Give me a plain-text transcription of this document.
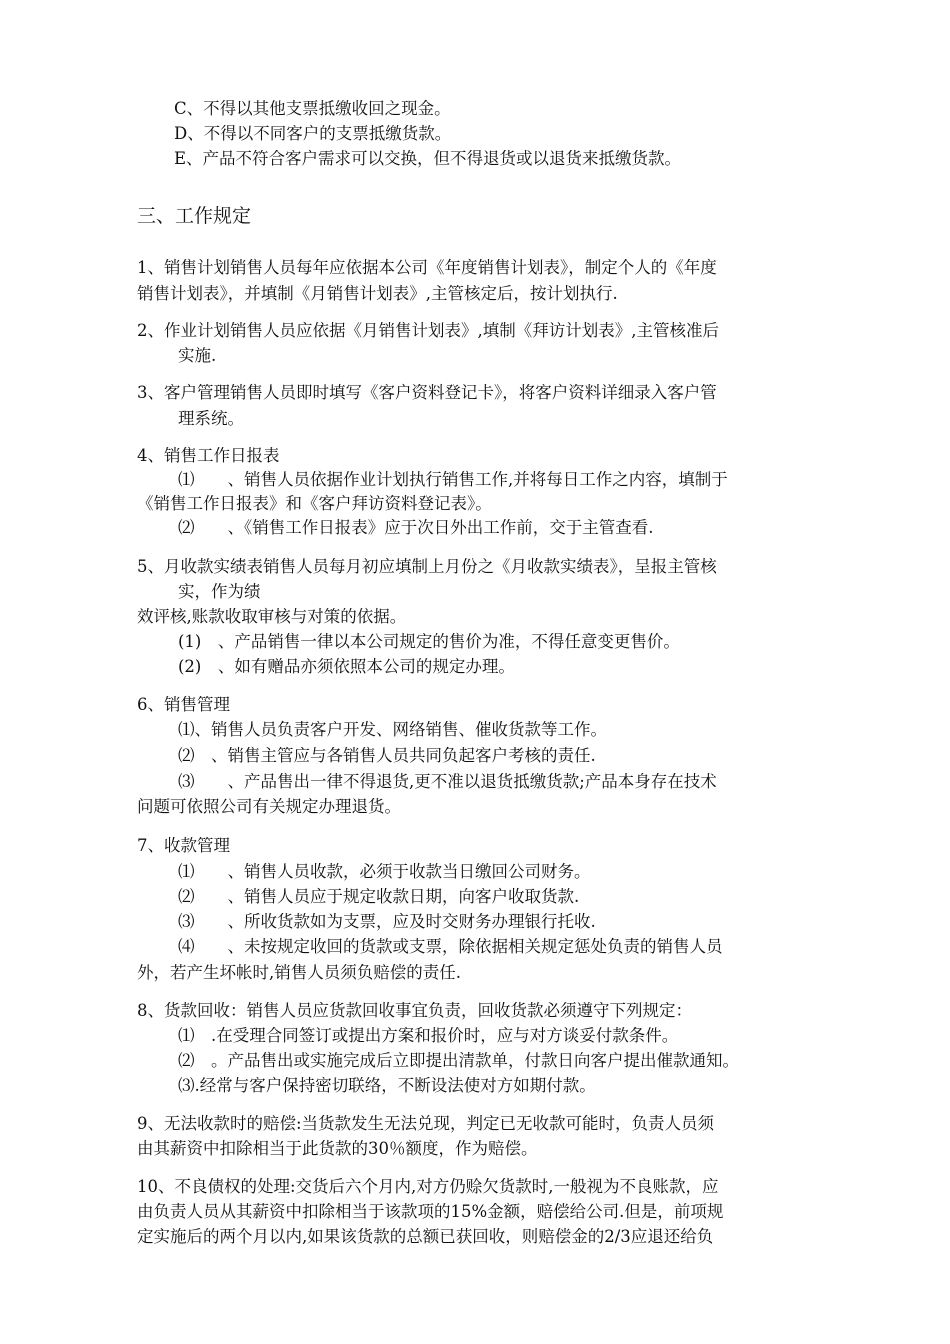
C、不得以其他支票抵缴收回之现金。
D、不得以不同客户的支票抵缴货款。
E、产品不符合客户需求可以交换，但不得退货或以退货来抵缴货款。
三、工作规定
1、销售计划销售人员每年应依据本公司《年度销售计划表》，制定个人的《年度
销售计划表》，并填制《月销售计划表》,主管核定后，按计划执行.
2、作业计划销售人员应依据《月销售计划表》,填制《拜访计划表》,主管核准后
实施.
3、客户管理销售人员即时填写《客户资料登记卡》，将客户资料详细录入客户管
理系统。
4、销售工作日报表
⑴　　、销售人员依据作业计划执行销售工作,并将每日工作之内容，填制于
《销售工作日报表》和《客户拜访资料登记表》。
⑵　　、《销售工作日报表》应于次日外出工作前，交于主管查看.
5、月收款实绩表销售人员每月初应填制上月份之《月收款实绩表》，呈报主管核
实，作为绩
效评核,账款收取审核与对策的依据。
(1)　、产品销售一律以本公司规定的售价为准，不得任意变更售价。
(2)　、如有赠品亦须依照本公司的规定办理。
6、销售管理
⑴、销售人员负责客户开发、网络销售、催收货款等工作。
⑵　、销售主管应与各销售人员共同负起客户考核的责任.
⑶　　、产品售出一律不得退货,更不准以退货抵缴货款;产品本身存在技术
问题可依照公司有关规定办理退货。
7、收款管理
⑴　　、销售人员收款，必须于收款当日缴回公司财务。
⑵　　、销售人员应于规定收款日期，向客户收取货款.
⑶　　、所收货款如为支票，应及时交财务办理银行托收.
⑷　　、未按规定收回的货款或支票，除依据相关规定惩处负责的销售人员
外，若产生坏帐时,销售人员须负赔偿的责任.
8、货款回收：销售人员应货款回收事宜负责，回收货款必须遵守下列规定：
⑴　.在受理合同签订或提出方案和报价时，应与对方谈妥付款条件。
⑵　。产品售出或实施完成后立即提出清款单，付款日向客户提出催款通知。
⑶.经常与客户保持密切联络，不断设法使对方如期付款。
9、无法收款时的赔偿:当货款发生无法兑现，判定已无收款可能时，负责人员须
由其薪资中扣除相当于此货款的30％额度，作为赔偿。
10、不良债权的处理:交货后六个月内,对方仍赊欠货款时,一般视为不良账款，应
由负责人员从其薪资中扣除相当于该款项的15%金额，赔偿给公司.但是，前项规
定实施后的两个月以内,如果该货款的总额已获回收，则赔偿金的2/3应退还给负
